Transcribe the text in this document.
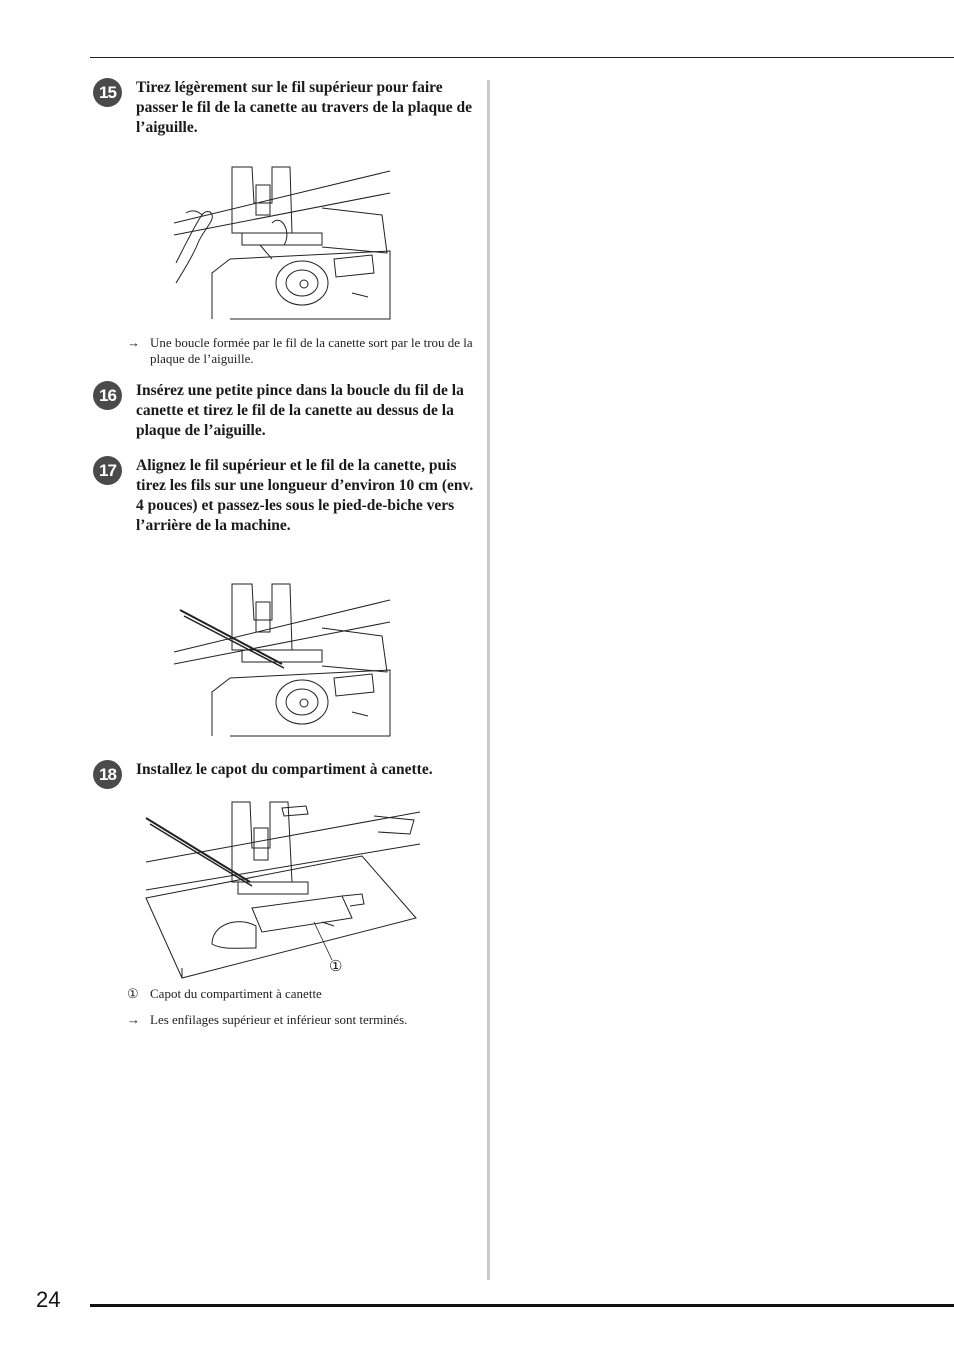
15	Tirez légèrement sur le fil supérieur pour faire passer le fil de la canette au travers de la plaque de l’aiguille.
→ Une boucle formée par le fil de la canette sort par le trou de la plaque de l’aiguille.
16	Insérez une petite pince dans la boucle du fil de la canette et tirez le fil de la canette au dessus de la plaque de l’aiguille.
17	Alignez le fil supérieur et le fil de la canette, puis tirez les fils sur une longueur d’environ 10 cm (env.
4 pouces) et passez-les sous le pied-de-biche vers l’arrière de la machine.
18	Installez le capot du compartiment à canette.
①
① Capot du compartiment à canette
→ Les enfilages supérieur et inférieur sont terminés.
24
